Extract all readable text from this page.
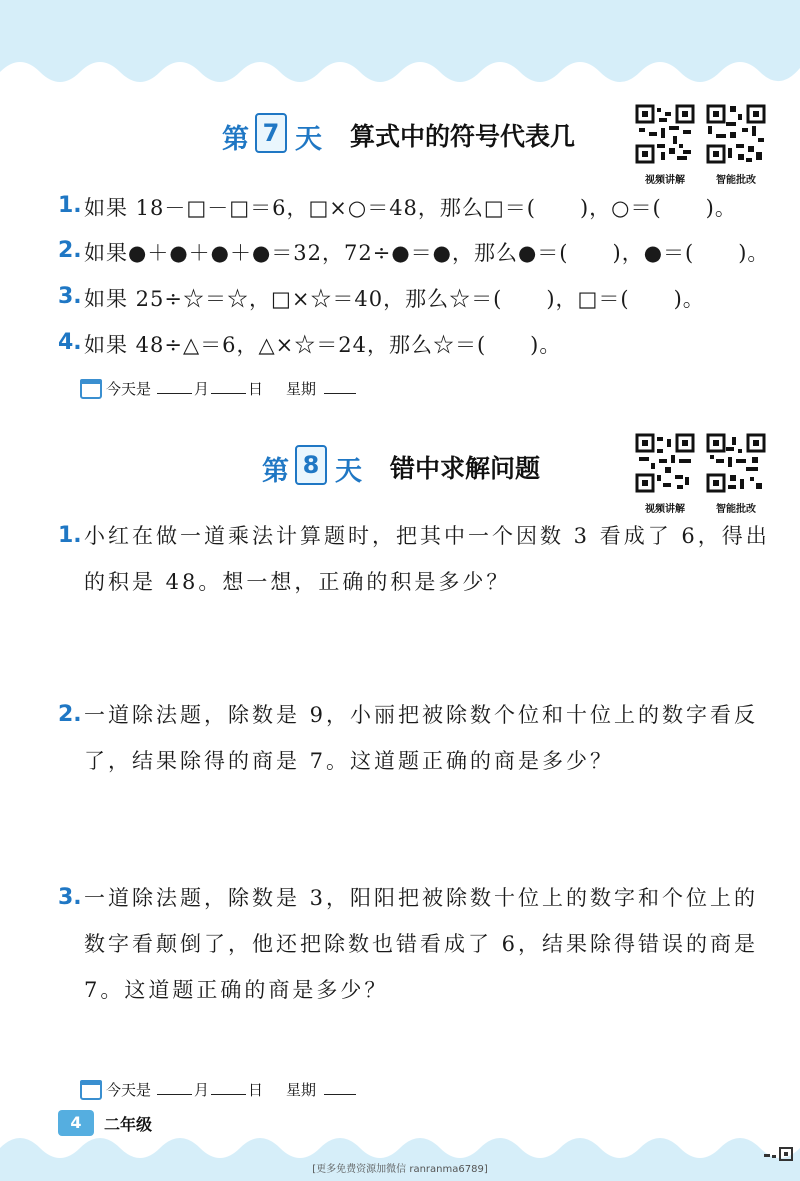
第 7 天 算式中的符号代表几
视频讲解	智能批改
1. 如果 18－□－□＝6，□×○＝48，那么□＝(　　)，○＝(　　)。
2. 如果●＋●＋●＋●＝32，72÷●＝●，那么●＝(　　)，●＝(　　)。
3. 如果 25÷☆＝☆，□×☆＝40，那么☆＝(　　)，□＝(　　)。
4. 如果 48÷△＝6，△×☆＝24，那么☆＝(　　)。
今天是	月	日 星期
第 8 天 错中求解问题
视频讲解	智能批改
1. 小红在做一道乘法计算题时，把其中一个因数 3 看成了 6，得出
的积是 48。想一想，正确的积是多少？
2. 一道除法题，除数是 9，小丽把被除数个位和十位上的数字看反
了，结果除得的商是 7。这道题正确的商是多少？
3. 一道除法题，除数是 3，阳阳把被除数十位上的数字和个位上的
数字看颠倒了，他还把除数也错看成了 6，结果除得错误的商是
7。这道题正确的商是多少？
今天是	月	日 星期
4	二年级
[更多免费资源加微信 ranranma6789]
